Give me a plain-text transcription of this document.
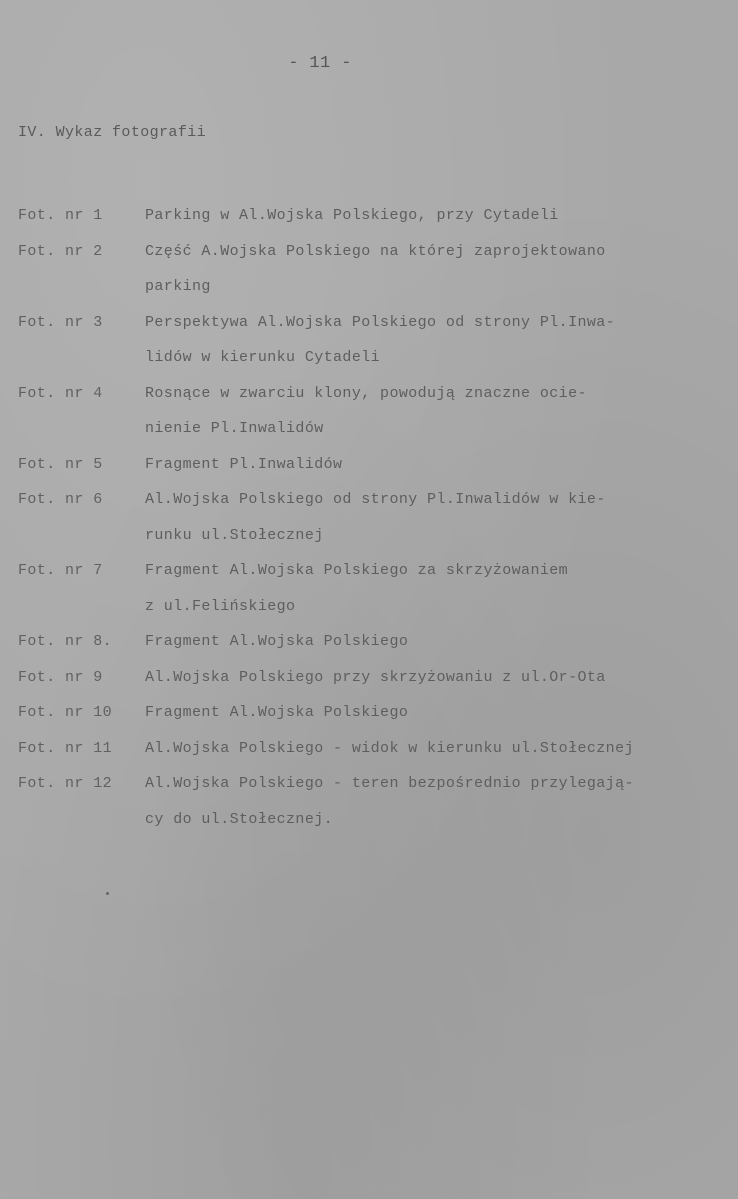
- 11 -
IV. Wykaz fotografii
Fot. nr 1	Parking w Al.Wojska Polskiego, przy Cytadeli
Fot. nr 2	Część A.Wojska Polskiego na której zaprojektowano
parking
Fot. nr 3	Perspektywa Al.Wojska Polskiego od strony Pl.Inwa-
lidów w kierunku Cytadeli
Fot. nr 4	Rosnące w zwarciu klony, powodują znaczne ocie-
nienie Pl.Inwalidów
Fot. nr 5	Fragment Pl.Inwalidów
Fot. nr 6	Al.Wojska Polskiego od strony Pl.Inwalidów w kie-
runku ul.Stołecznej
Fot. nr 7	Fragment Al.Wojska Polskiego za skrzyżowaniem
z ul.Felińskiego
Fot. nr 8.	Fragment Al.Wojska Polskiego
Fot. nr 9	Al.Wojska Polskiego przy skrzyżowaniu z ul.Or-Ota
Fot. nr 10	Fragment Al.Wojska Polskiego
Fot. nr 11	Al.Wojska Polskiego - widok w kierunku ul.Stołecznej
Fot. nr 12	Al.Wojska Polskiego - teren bezpośrednio przylegają-
cy do ul.Stołecznej.
